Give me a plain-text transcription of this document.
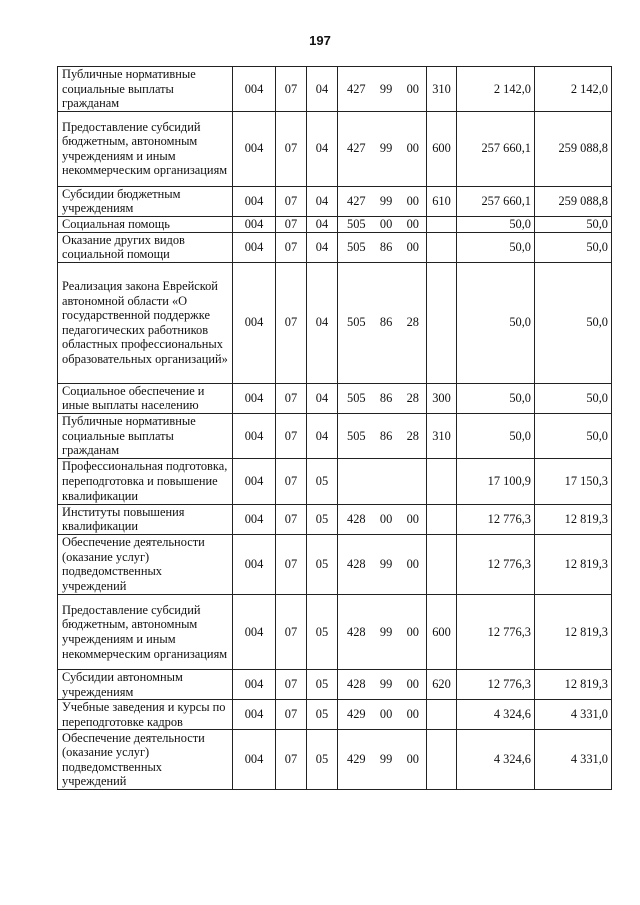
197
Публичные нормативные социальные выплаты гражданам	004	07	04	427 99 00	310	2 142,0	2 142,0
Предоставление субсидий бюджетным, автономным учреждениям и иным некоммерческим организациям	004	07	04	427 99 00	600	257 660,1	259 088,8
Субсидии бюджетным учреждениям	004	07	04	427 99 00	610	257 660,1	259 088,8
Социальная помощь	004	07	04	505 00 00		50,0	50,0
Оказание других видов социальной помощи	004	07	04	505 86 00		50,0	50,0
Реализация закона Еврейской автономной области «О государственной поддержке педагогических работников областных профессиональных образовательных организаций»	004	07	04	505 86 28		50,0	50,0
Социальное обеспечение и иные выплаты населению	004	07	04	505 86 28	300	50,0	50,0
Публичные нормативные социальные выплаты гражданам	004	07	04	505 86 28	310	50,0	50,0
Профессиональная подготовка, переподготовка и повышение квалификации	004	07	05			17 100,9	17 150,3
Институты повышения квалификации	004	07	05	428 00 00		12 776,3	12 819,3
Обеспечение деятельности (оказание услуг) подведомственных учреждений	004	07	05	428 99 00		12 776,3	12 819,3
Предоставление субсидий бюджетным, автономным учреждениям и иным некоммерческим организациям	004	07	05	428 99 00	600	12 776,3	12 819,3
Субсидии автономным учреждениям	004	07	05	428 99 00	620	12 776,3	12 819,3
Учебные заведения и курсы по переподготовке кадров	004	07	05	429 00 00		4 324,6	4 331,0
Обеспечение деятельности (оказание услуг) подведомственных учреждений	004	07	05	429 99 00		4 324,6	4 331,0
